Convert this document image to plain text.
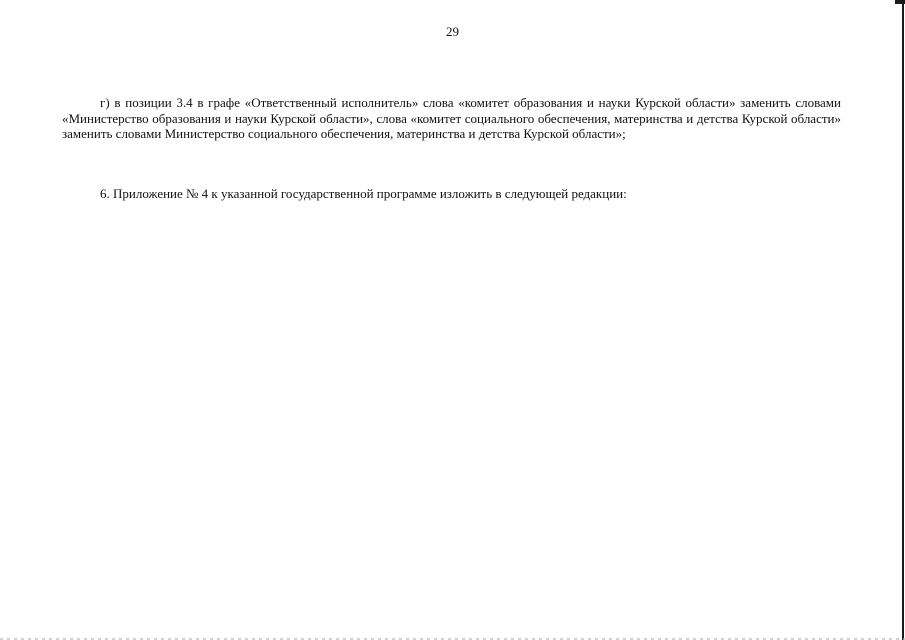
29

г) в позиции 3.4 в графе «Ответственный исполнитель» слова «комитет образования и науки Курской области» заменить словами «Министерство образования и науки Курской области», слова «комитет социального обеспечения, материнства и детства Курской области» заменить словами Министерство социального обеспечения, материнства и детства Курской области»;

6. Приложение № 4 к указанной государственной программе изложить в следующей редакции:
